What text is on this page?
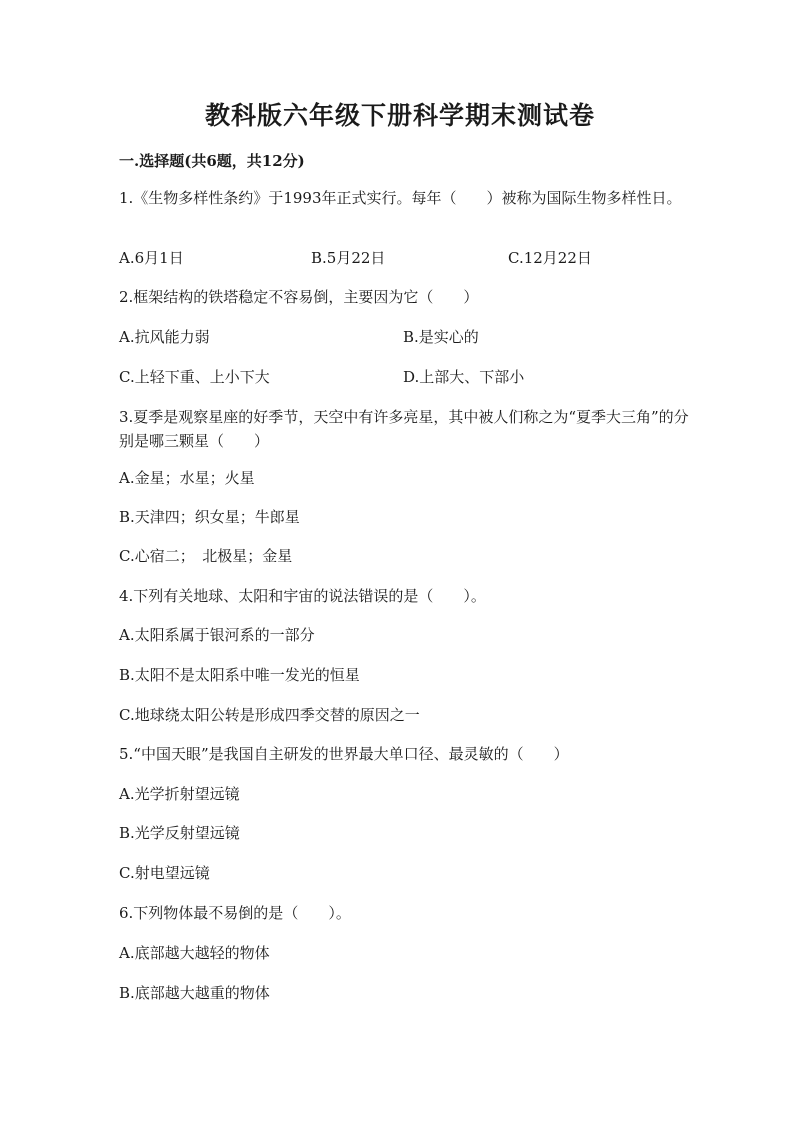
教科版六年级下册科学期末测试卷
一.选择题(共6题，共12分)
1.《生物多样性条约》于1993年正式实行。每年（　　）被称为国际生物多样性日。
A.6月1日	B.5月22日	C.12月22日
2.框架结构的铁塔稳定不容易倒，主要因为它（　　）
A.抗风能力弱	B.是实心的
C.上轻下重、上小下大	D.上部大、下部小
3.夏季是观察星座的好季节，天空中有许多亮星，其中被人们称之为“夏季大三角”的分别是哪三颗星（　　）
A.金星；水星；火星
B.天津四；织女星；牛郎星
C.心宿二；　北极星；金星
4.下列有关地球、太阳和宇宙的说法错误的是（　　）。
A.太阳系属于银河系的一部分
B.太阳不是太阳系中唯一发光的恒星
C.地球绕太阳公转是形成四季交替的原因之一
5.“中国天眼”是我国自主研发的世界最大单口径、最灵敏的（　　）
A.光学折射望远镜
B.光学反射望远镜
C.射电望远镜
6.下列物体最不易倒的是（　　）。
A.底部越大越轻的物体
B.底部越大越重的物体
